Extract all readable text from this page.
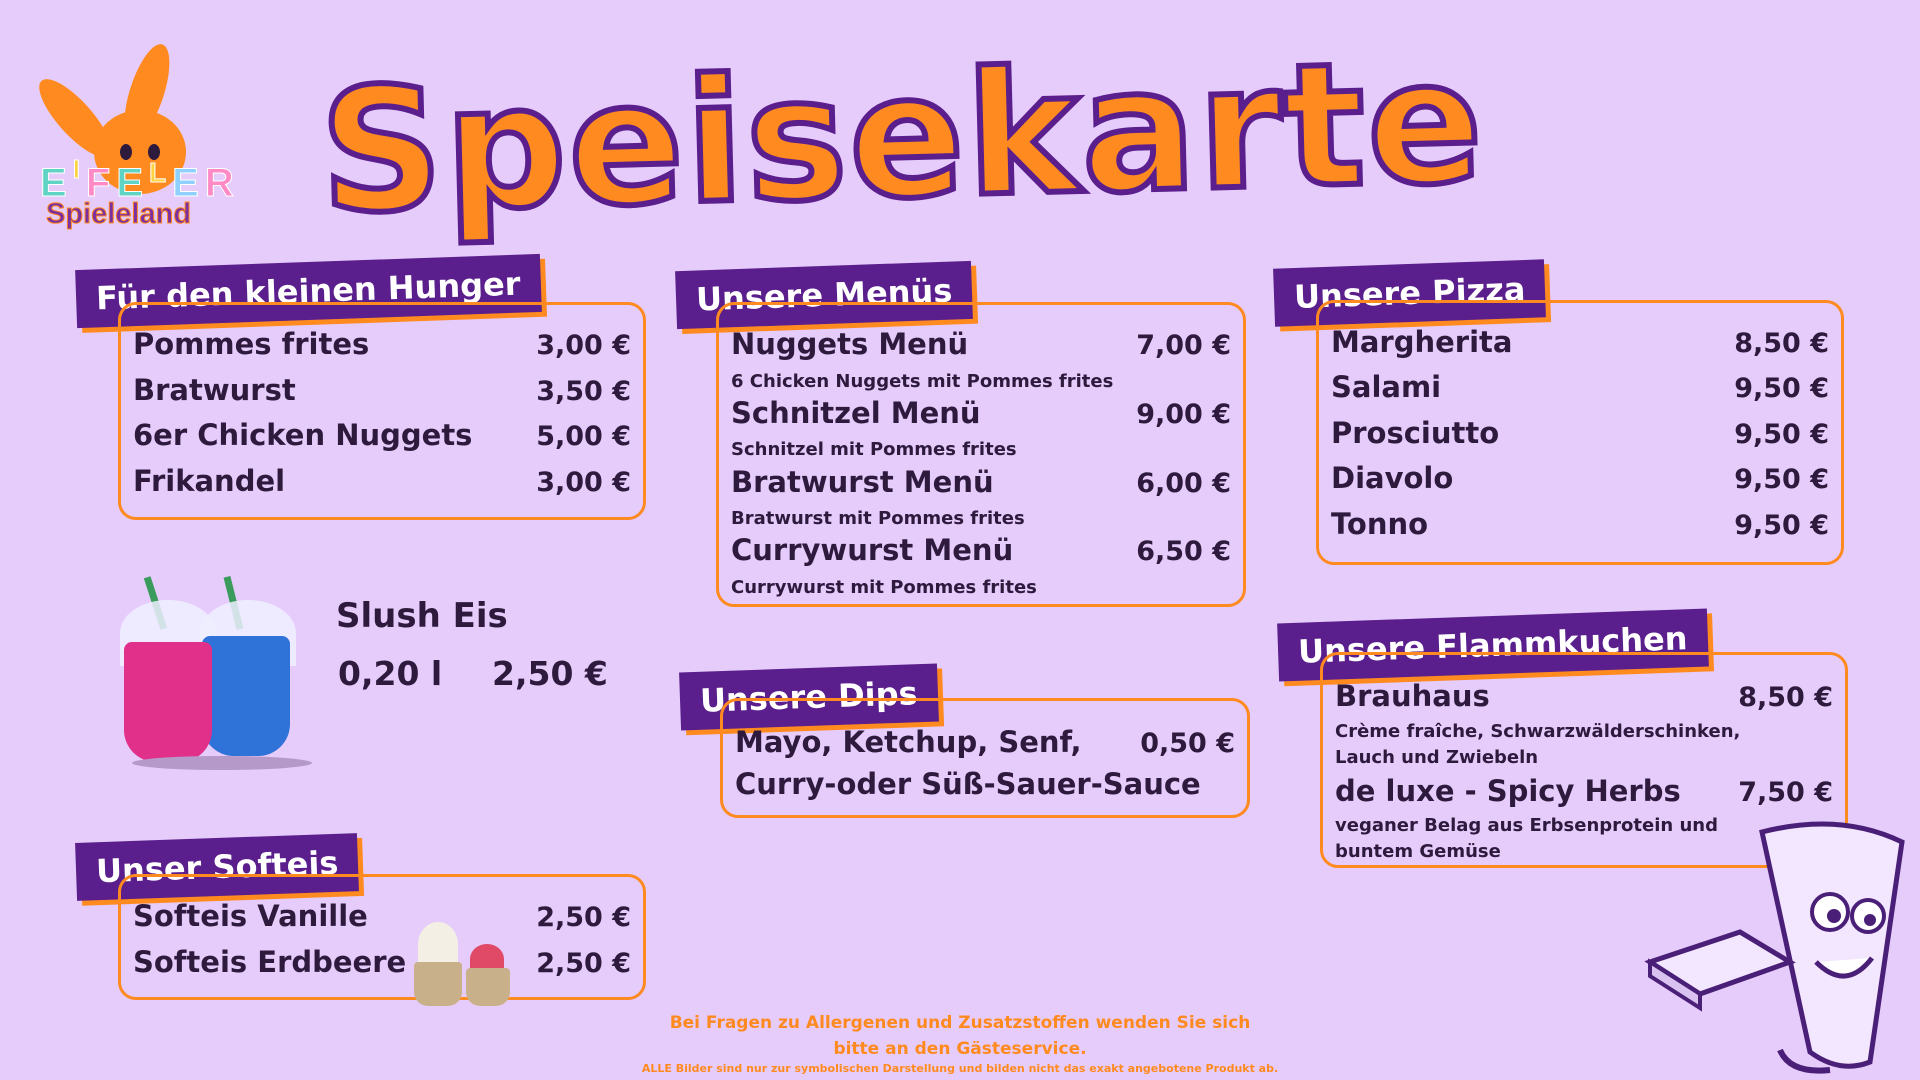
$E^IFE^LER$
Spieleland Speisekarte
Für den kleinen Hunger
Pommes frites	3,00 €
Bratwurst	3,50 €
6er Chicken Nuggets 5,00 €
Frikandel	3,00 €
Unsere Menüs
Nuggets Menü	7,00 €
6 Chicken Nuggets mit Pommes frites
Schnitzel Menü	9,00 €
Schnitzel mit Pommes frites
Bratwurst Menü	6,00 €
Bratwurst mit Pommes frites
Currywurst Menü	6,50 €
Currywurst mit Pommes frites
Unsere Pizza
Margherita	8,50 €
Salami	9,50 €
Prosciutto	9,50 €
Diavolo	9,50 €
Tonno	9,50 €
Slush Eis
0,20 l 2,50 €
Unsere Dips
Mayo, Ketchup, Senf, 0,50 €
Curry-oder Süß-Sauer-Sauce
Unsere Flammkuchen
Brauhaus	8,50 €
Crème fraîche, Schwarzwälderschinken,
Lauch und Zwiebeln
de luxe - Spicy Herbs 7,50 €
veganer Belag aus Erbsenprotein und
buntem Gemüse
Unser Softeis
Softeis Vanille	2,50 €
Softeis Erdbeere	2,50 €
Bei Fragen zu Allergenen und Zusatzstoffen wenden Sie sich
bitte an den Gästeservice.
ALLE Bilder sind nur zur symbolischen Darstellung und bilden nicht das exakt angebotene Produkt ab.
